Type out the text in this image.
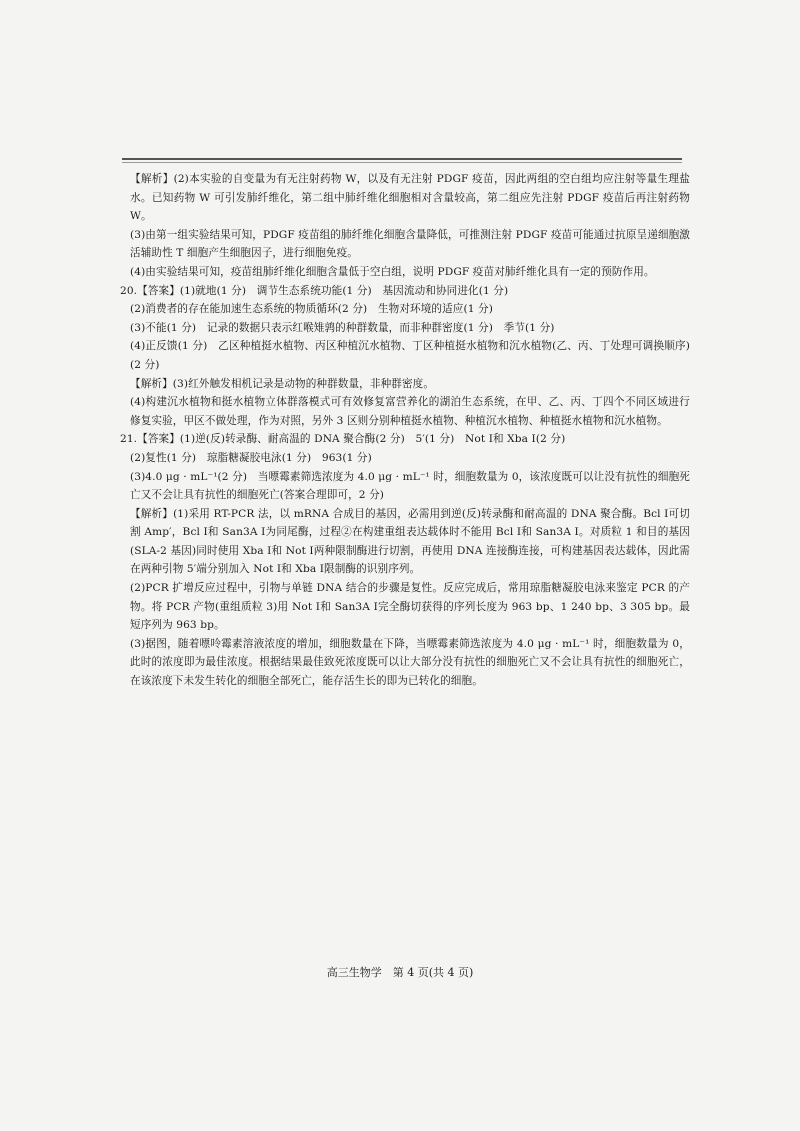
【解析】(2)本实验的自变量为有无注射药物 W，以及有无注射 PDGF 疫苗，因此两组的空白组均应注射等量生理盐水。已知药物 W 可引发肺纤维化，第二组中肺纤维化细胞相对含量较高，第二组应先注射 PDGF 疫苗后再注射药物 W。

(3)由第一组实验结果可知，PDGF 疫苗组的肺纤维化细胞含量降低，可推测注射 PDGF 疫苗可能通过抗原呈递细胞激活辅助性 T 细胞产生细胞因子，进行细胞免疫。

(4)由实验结果可知，疫苗组肺纤维化细胞含量低于空白组，说明 PDGF 疫苗对肺纤维化具有一定的预防作用。

20.【答案】(1)就地(1 分)　调节生态系统功能(1 分)　基因流动和协同进化(1 分)

(2)消费者的存在能加速生态系统的物质循环(2 分)　生物对环境的适应(1 分)

(3)不能(1 分)　记录的数据只表示红喉雉鹑的种群数量，而非种群密度(1 分)　季节(1 分)

(4)正反馈(1 分)　乙区种植挺水植物、丙区种植沉水植物、丁区种植挺水植物和沉水植物(乙、丙、丁处理可调换顺序)(2 分)

【解析】(3)红外触发相机记录是动物的种群数量，非种群密度。

(4)构建沉水植物和挺水植物立体群落模式可有效修复富营养化的湖泊生态系统，在甲、乙、丙、丁四个不同区域进行修复实验，甲区不做处理，作为对照，另外 3 区则分别种植挺水植物、种植沉水植物、种植挺水植物和沉水植物。

21.【答案】(1)逆(反)转录酶、耐高温的 DNA 聚合酶(2 分)　5′(1 分)　Not Ⅰ和 Xba Ⅰ(2 分)

(2)复性(1 分)　琼脂糖凝胶电泳(1 分)　963(1 分)

(3)4.0 μg · mL⁻¹(2 分)　当嘌霉素筛选浓度为 4.0 μg · mL⁻¹ 时，细胞数量为 0，该浓度既可以让没有抗性的细胞死亡又不会让具有抗性的细胞死亡(答案合理即可，2 分)

【解析】(1)采用 RT-PCR 法，以 mRNA 合成目的基因，必需用到逆(反)转录酶和耐高温的 DNA 聚合酶。Bcl Ⅰ可切割 Amp′，Bcl Ⅰ和 San3A Ⅰ为同尾酶，过程②在构建重组表达载体时不能用 Bcl Ⅰ和 San3A Ⅰ。对质粒 1 和目的基因(SLA-2 基因)同时使用 Xba Ⅰ和 Not Ⅰ两种限制酶进行切割，再使用 DNA 连接酶连接，可构建基因表达载体，因此需在两种引物 5′端分别加入 Not Ⅰ和 Xba Ⅰ限制酶的识别序列。

(2)PCR 扩增反应过程中，引物与单链 DNA 结合的步骤是复性。反应完成后，常用琼脂糖凝胶电泳来鉴定 PCR 的产物。将 PCR 产物(重组质粒 3)用 Not Ⅰ和 San3A Ⅰ完全酶切获得的序列长度为 963 bp、1 240 bp、3 305 bp。最短序列为 963 bp。

(3)据图，随着嘌呤霉素溶液浓度的增加，细胞数量在下降，当嘌霉素筛选浓度为 4.0 μg · mL⁻¹ 时，细胞数量为 0，此时的浓度即为最佳浓度。根据结果最佳致死浓度既可以让大部分没有抗性的细胞死亡又不会让具有抗性的细胞死亡，在该浓度下未发生转化的细胞全部死亡，能存活生长的即为已转化的细胞。

高三生物学　第 4 页(共 4 页)
